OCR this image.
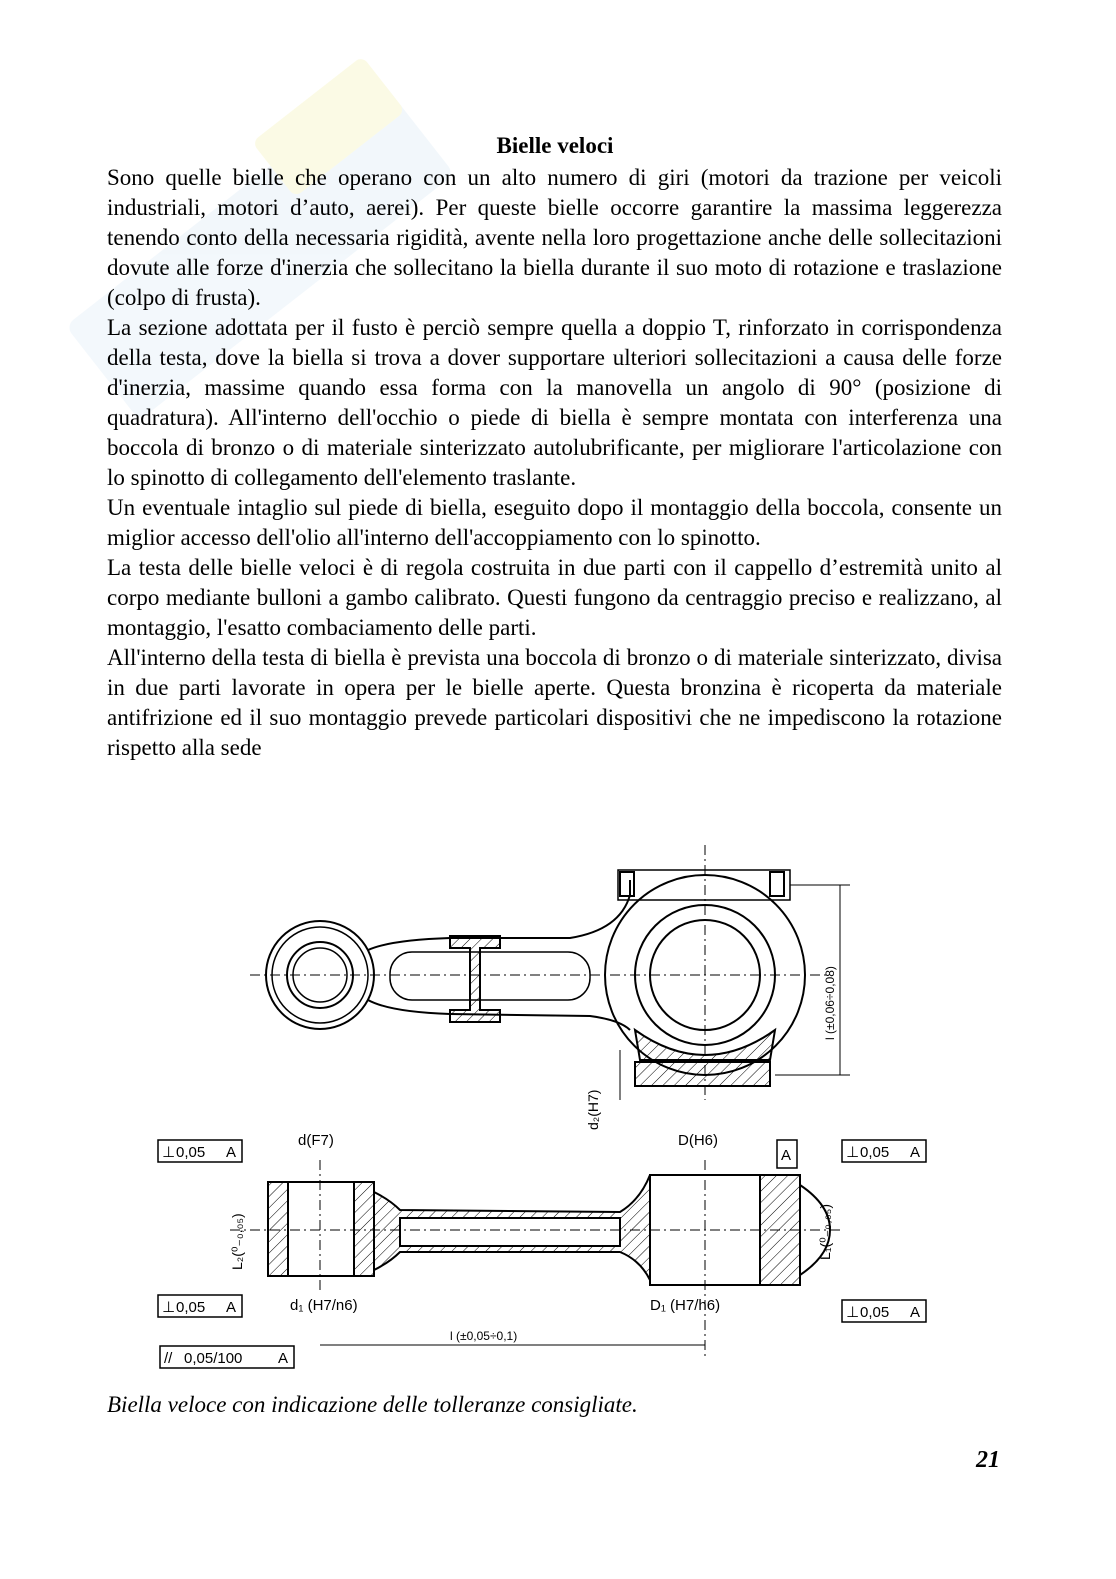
Bielle veloci

Sono quelle bielle che operano con un alto numero di giri (motori da trazione per veicoli industriali, motori d’auto, aerei). Per queste bielle occorre garantire la massima leggerezza tenendo conto della necessaria rigidità, avente nella loro progettazione anche delle sollecitazioni dovute alle forze d'inerzia che sollecitano la biella durante il suo moto di rotazione e traslazione (colpo di frusta).

La sezione adottata per il fusto è perciò sempre quella a doppio T, rinforzato in corrispondenza della testa, dove la biella si trova a dover supportare ulteriori sollecitazioni a causa delle forze d'inerzia, massime quando essa forma con la manovella un angolo di 90° (posizione di quadratura). All'interno dell'occhio o piede di biella è sempre montata con interferenza una boccola di bronzo o di materiale sinterizzato autolubrificante, per migliorare l'articolazione con lo spinotto di collegamento dell'elemento traslante.

Un eventuale intaglio sul piede di biella, eseguito dopo il montaggio della boccola, consente un miglior accesso dell'olio all'interno dell'accoppiamento con lo spinotto.

La testa delle bielle veloci è di regola costruita in due parti con il cappello d’estremità unito al corpo mediante bulloni a gambo calibrato. Questi fungono da centraggio preciso e realizzano, al montaggio, l'esatto combaciamento delle parti.

All'interno della testa di biella è prevista una boccola di bronzo o di materiale sinterizzato, divisa in due parti lavorate in opera per le bielle aperte. Questa bronzina è ricoperta da materiale antifrizione ed il suo montaggio prevede particolari dispositivi che ne impediscono la rotazione rispetto alla sede

l (±0,06÷0,08)
d₂(H7)
⊥ 0,05 A
⊥ 0,05 A
⊥ 0,05 A
⊥ 0,05 A
// 0,05/100 A
A
d(F7)	D(H6)
d₁ (H7/n6)	D₁ (H7/h6)
l (±0,05÷0,1)
L₂(⁰₋₀,₀₅)	L₁(⁰₋₀,₀₅)
Biella veloce con indicazione delle tolleranze consigliate.
21
